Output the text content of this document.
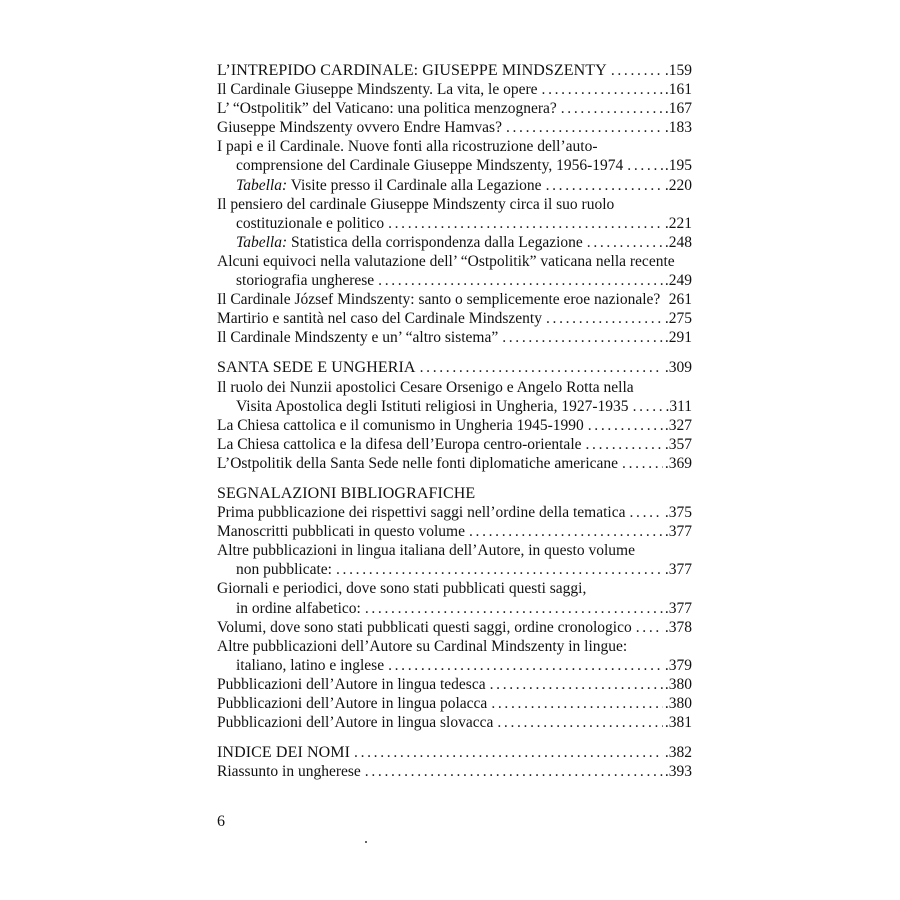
L’INTREPIDO CARDINALE: GIUSEPPE MINDSZENTY . . .	.159
Il Cardinale Giuseppe Mindszenty. La vita, le opere . . .	.161
L’ “Ostpolitik” del Vaticano: una politica menzognera? . . .	.167
Giuseppe Mindszenty ovvero Endre Hamvas? . . .	.183
I papi e il Cardinale. Nuove fonti alla ricostruzione dell’auto-
comprensione del Cardinale Giuseppe Mindszenty, 1956-1974 . . .	.195
Tabella: Visite presso il Cardinale alla Legazione . . .	.220
Il pensiero del cardinale Giuseppe Mindszenty circa il suo ruolo
costituzionale e politico . . .	.221
Tabella: Statistica della corrispondenza dalla Legazione . . .	.248
Alcuni equivoci nella valutazione dell’ “Ostpolitik” vaticana nella recente
storiografia ungherese . . .	.249
Il Cardinale József Mindszenty: santo o semplicemente eroe nazionale? 261
Martirio e santità nel caso del Cardinale Mindszenty . . .	.275
Il Cardinale Mindszenty e un’ “altro sistema” . . .	.291
SANTA SEDE E UNGHERIA . . .	.309
Il ruolo dei Nunzii apostolici Cesare Orsenigo e Angelo Rotta nella
Visita Apostolica degli Istituti religiosi in Ungheria, 1927-1935 . . . .311
La Chiesa cattolica e il comunismo in Ungheria 1945-1990 . . .	.327
La Chiesa cattolica e la difesa dell’Europa centro-orientale . . .	.357
L’Ostpolitik della Santa Sede nelle fonti diplomatiche americane . . .	.369
SEGNALAZIONI BIBLIOGRAFICHE
Prima pubblicazione dei rispettivi saggi nell’ordine della tematica . . .	.375
Manoscritti pubblicati in questo volume . . .	.377
Altre pubblicazioni in lingua italiana dell’Autore, in questo volume
non pubblicate: . . .	.377
Giornali e periodici, dove sono stati pubblicati questi saggi,
in ordine alfabetico: . . .	.377
Volumi, dove sono stati pubblicati questi saggi, ordine cronologico . . . .378
Altre pubblicazioni dell’Autore su Cardinal Mindszenty in lingue:
italiano, latino e inglese . . .	.379
Pubblicazioni dell’Autore in lingua tedesca . . .	.380
Pubblicazioni dell’Autore in lingua polacca . . .	.380
Pubblicazioni dell’Autore in lingua slovacca . . .	.381
INDICE DEI NOMI . . .	.382
Riassunto in ungherese . . .	.393
6
